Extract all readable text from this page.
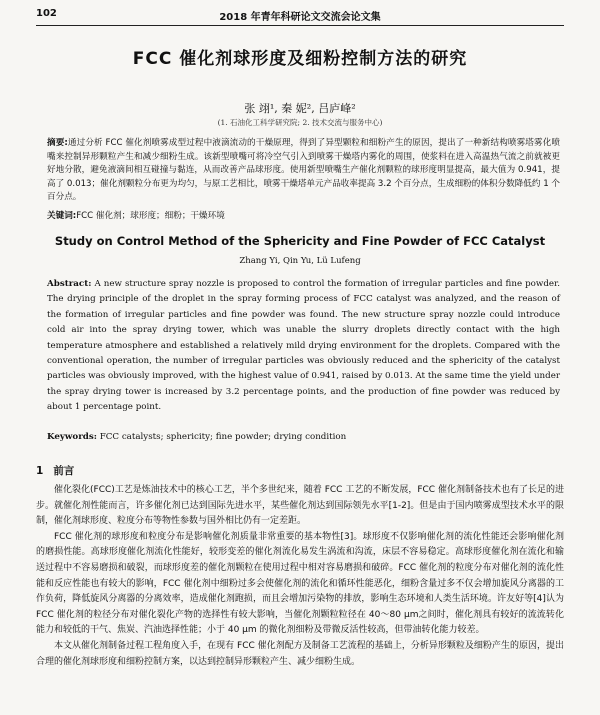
102	2018 年青年科研论文交流会论文集
FCC 催化剂球形度及细粉控制方法的研究
张 翊¹, 秦 妮², 吕庐峰²
(1. 石油化工科学研究院; 2. 技术交流与服务中心)
摘要:通过分析 FCC 催化剂喷雾成型过程中液滴流动的干燥原理，得到了异型颗粒和细粉产生的原因，提出了一种新结构喷雾塔雾化喷嘴来控制异形颗粒产生和减少细粉生成。该新型喷嘴可将冷空气引入到喷雾干燥塔内雾化的周围，使浆料在进入高温热气流之前就被更好地分散，避免液滴间相互碰撞与黏连，从而改善产品球形度。使用新型喷嘴生产催化剂颗粒的球形度明显提高，最大值为 0.941，提高了 0.013；催化剂颗粒分布更为均匀，与原工艺相比，喷雾干燥塔单元产品收率提高 3.2 个百分点，生成细粉的体积分数降低约 1 个百分点。
关键词:FCC 催化剂；球形度；细粉；干燥环境
Study on Control Method of the Sphericity and Fine Powder of FCC Catalyst
Zhang Yi, Qin Yu, Lü Lufeng
Abstract: A new structure spray nozzle is proposed to control the formation of irregular particles and fine powder. The drying principle of the droplet in the spray forming process of FCC catalyst was analyzed, and the reason of the formation of irregular particles and fine powder was found. The new structure spray nozzle could introduce cold air into the spray drying tower, which was unable the slurry droplets directly contact with the high temperature atmosphere and established a relatively mild drying environment for the droplets. Compared with the conventional operation, the number of irregular particles was obviously reduced and the sphericity of the catalyst particles was obviously improved, with the highest value of 0.941, raised by 0.013. At the same time the yield under the spray drying tower is increased by 3.2 percentage points, and the production of fine powder was reduced by about 1 percentage point.
Keywords: FCC catalysts; sphericity; fine powder; drying condition
1 前言

催化裂化(FCC)工艺是炼油技术中的核心工艺，半个多世纪来，随着 FCC 工艺的不断发展，FCC 催化剂制备技术也有了长足的进步。就催化剂性能而言，许多催化剂已达到国际先进水平，某些催化剂达到国际领先水平[1-2]。但是由于国内喷雾成型技术水平的限制，催化剂球形度、粒度分布等物性参数与国外相比仍有一定差距。

FCC 催化剂的球形度和粒度分布是影响催化剂质量非常重要的基本物性[3]。球形度不仅影响催化剂的流化性能还会影响催化剂的磨损性能。高球形度催化剂流化性能好，较形变差的催化剂流化易发生涡流和沟流，床层不容易稳定。高球形度催化剂在流化和输送过程中不容易磨损和破裂，而球形度差的催化剂颗粒在使用过程中相对容易磨损和破碎。FCC 催化剂的粒度分布对催化剂的流化性能和反应性能也有较大的影响，FCC 催化剂中细粉过多会使催化剂的流化和循环性能恶化，细粉含量过多不仅会增加旋风分离器的工作负荷，降低旋风分离器的分离效率，造成催化剂跑损，而且会增加污染物的排放，影响生态环境和人类生活环境。许友好等[4]认为 FCC 催化剂的粒径分布对催化裂化产物的选择性有较大影响，当催化剂颗粒粒径在 40～80 μm之间时，催化剂具有较好的流流转化能力和较低的干气、焦炭、汽油选择性能；小于 40 μm 的微化剂细粉及带微反活性较高，但带油转化能力较差。

本文从催化剂制备过程工程角度入手，在现有 FCC 催化剂配方及制备工艺流程的基础上，分析异形颗粒及细粉产生的原因，提出合理的催化剂球形度和细粉控制方案，以达到控制异形颗粒产生、减少细粉生成。
